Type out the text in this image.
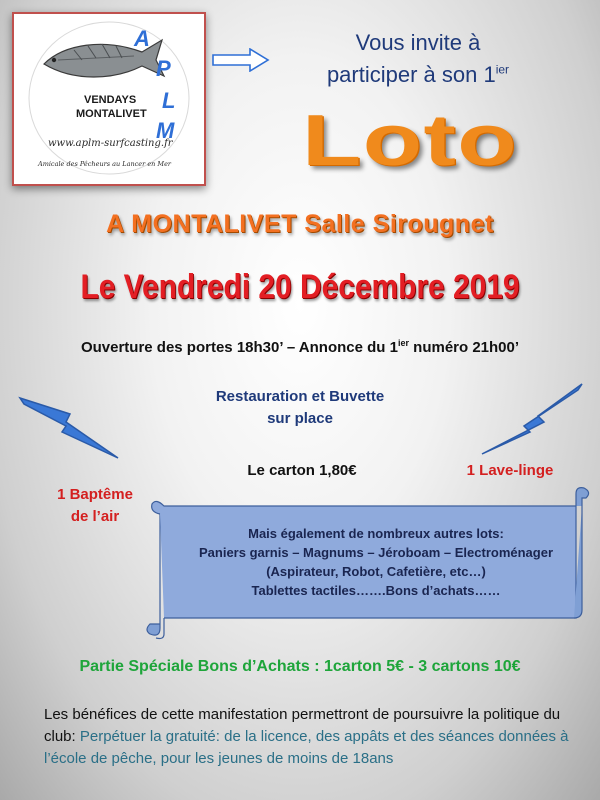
A
P
L
M
VENDAYS
MONTALIVET
www.aplm-surfcasting.fr
Amicale des Pêcheurs au Lancer en Mer
Vous invite à
participer à son $1^{ier}$
Loto
A MONTALIVET Salle Sirougnet
Le Vendredi 20 Décembre 2019
Ouverture des portes 18h30’ – Annonce du $1^{ier}$ numéro 21h00’
Restauration et Buvette
sur place
Le carton 1,80€	1 Lave-linge
1 Baptême
de l’air
Mais également de nombreux autres lots:
Paniers garnis – Magnums – Jéroboam – Electroménager
(Aspirateur, Robot, Cafetière, etc…)
Tablettes tactiles…….Bons d’achats……
Partie Spéciale Bons d’Achats : 1carton 5€ - 3 cartons 10€
Les bénéfices de cette manifestation permettront de poursuivre la politique du club: Perpétuer la gratuité: de la licence, des appâts et des séances données à l’école de pêche, pour les jeunes de moins de 18ans
